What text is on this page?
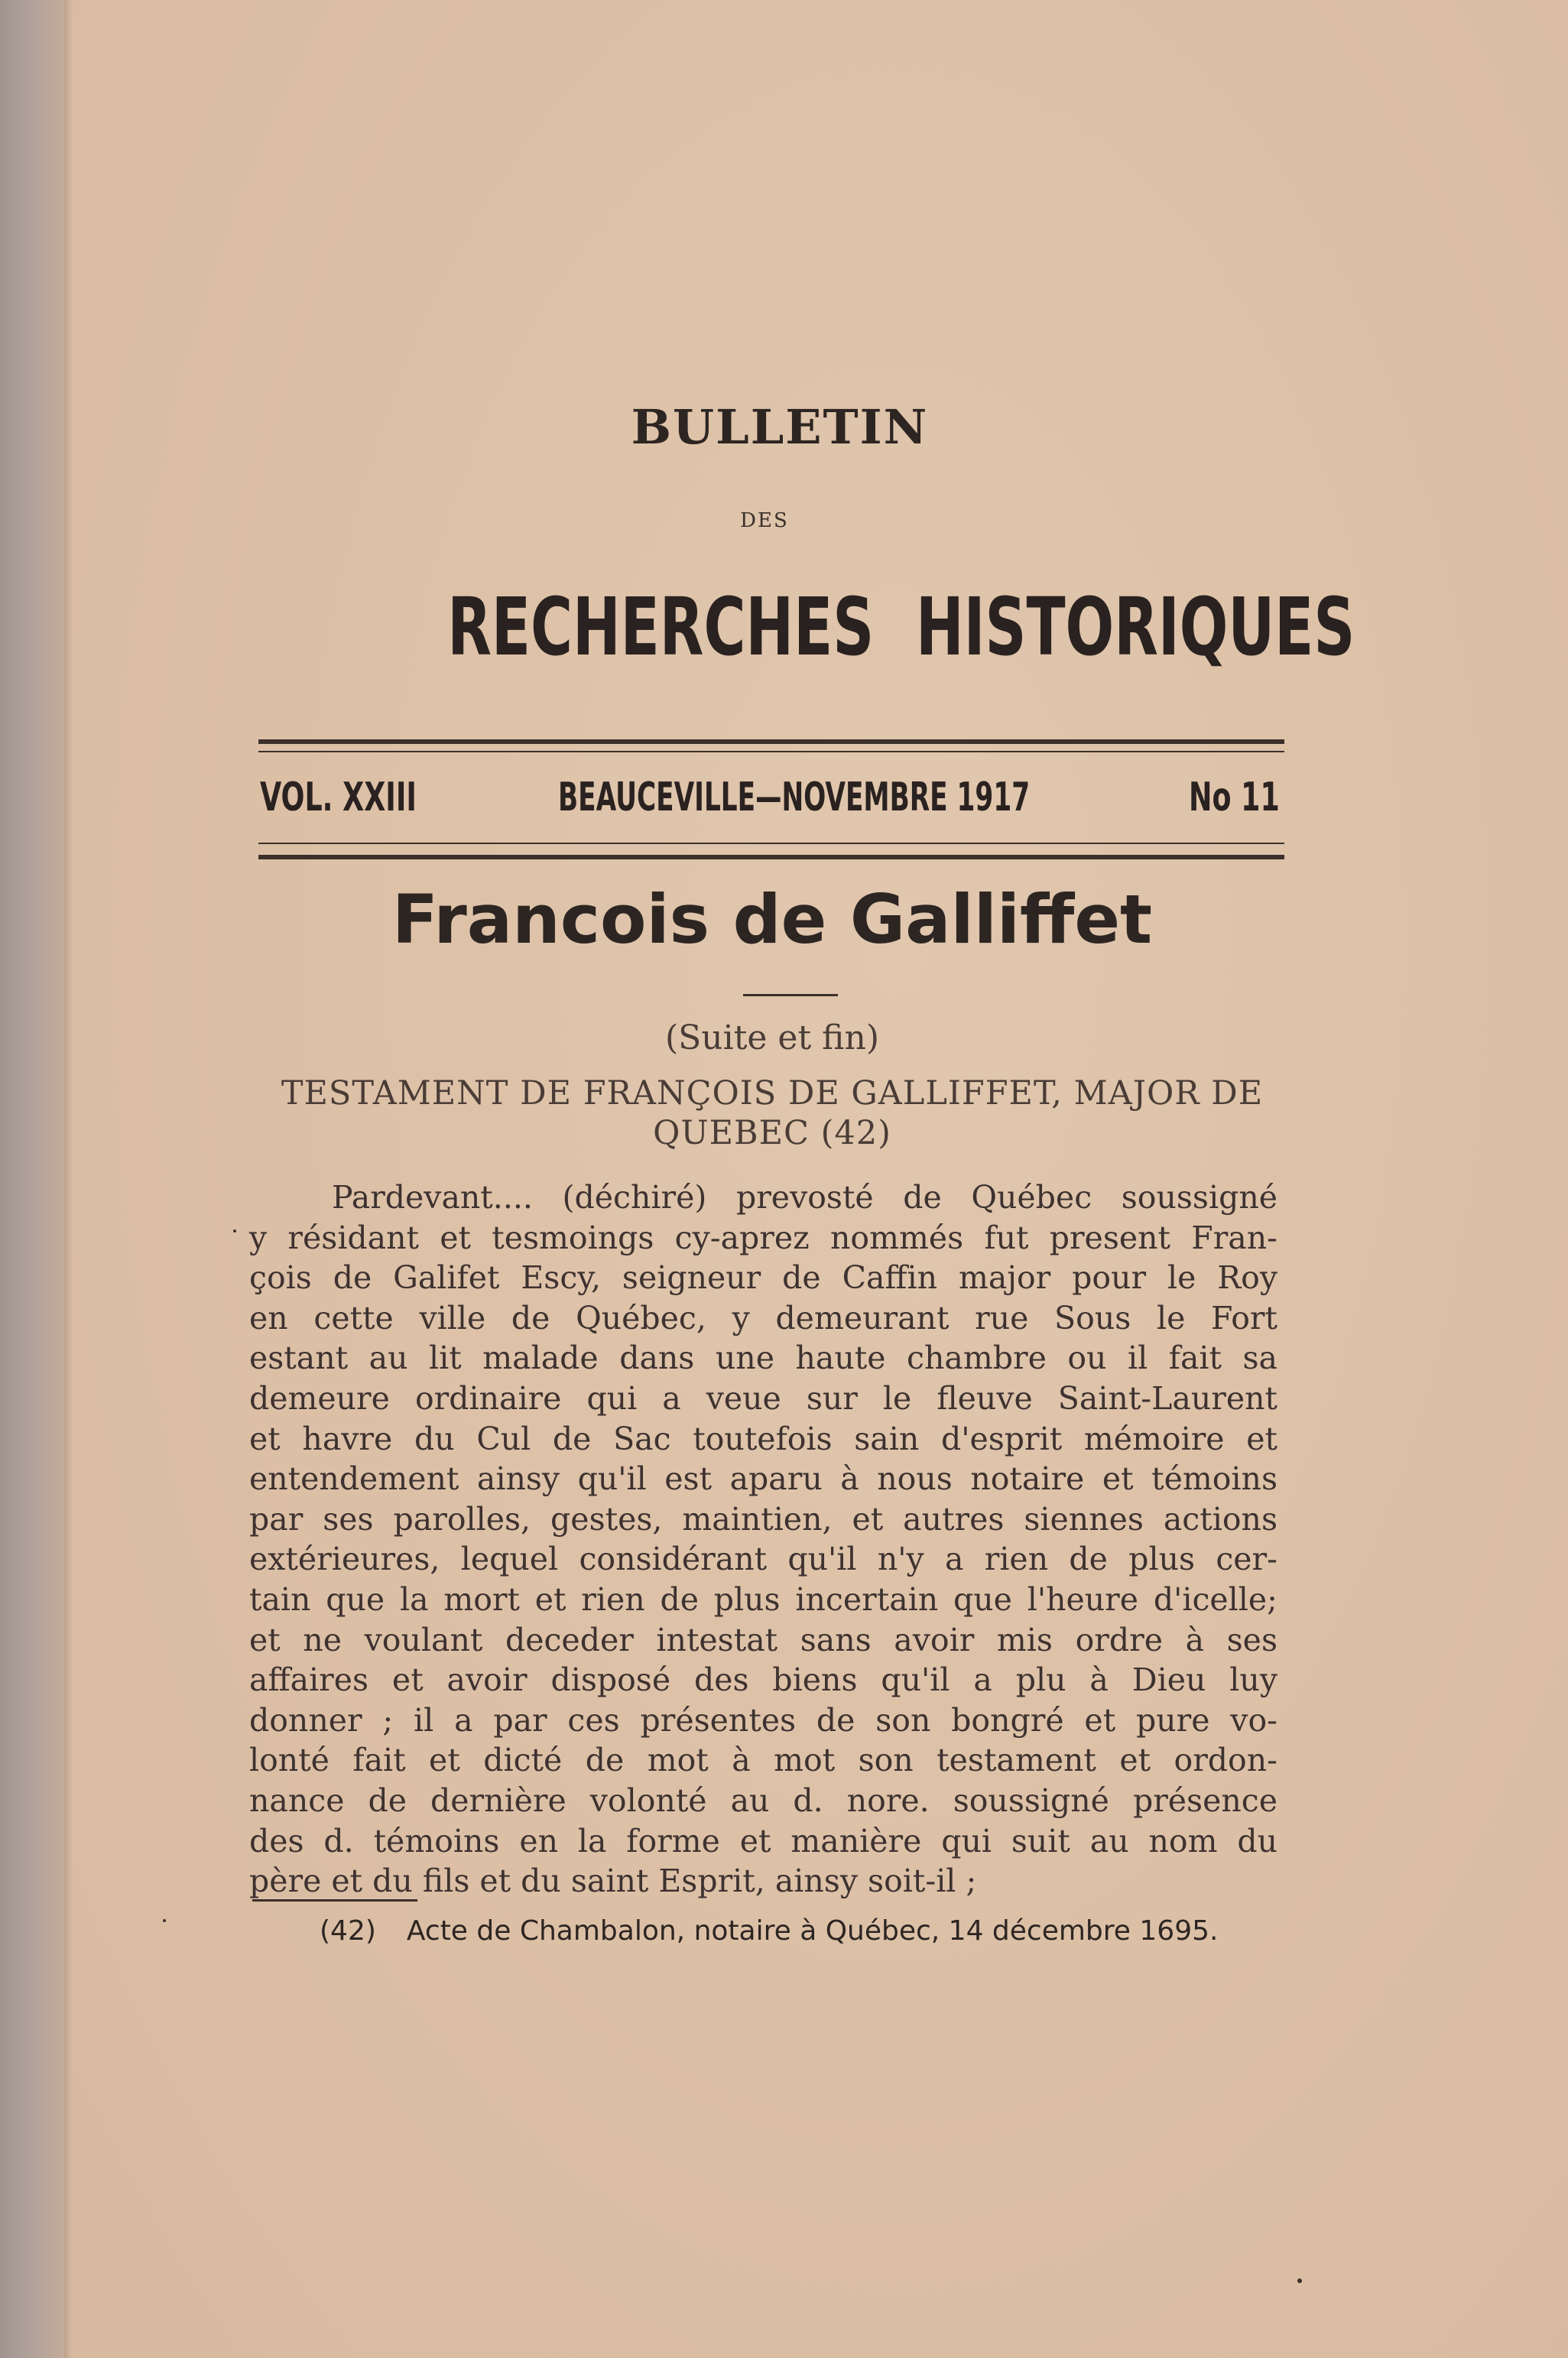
BULLETIN
DES
RECHERCHES HISTORIQUES
VOL. XXIII	BEAUCEVILLE—NOVEMBRE 1917	No 11
Francois de Galliffet
(Suite et fin)
TESTAMENT DE FRANÇOIS DE GALLIFFET, MAJOR DE QUEBEC (42)
Pardevant.... (déchiré) prevosté de Québec soussigné
y résidant et tesmoings cy-aprez nommés fut present Fran-
çois de Galifet Escy, seigneur de Caffin major pour le Roy
en cette ville de Québec, y demeurant rue Sous le Fort
estant au lit malade dans une haute chambre ou il fait sa
demeure ordinaire qui a veue sur le fleuve Saint-Laurent
et havre du Cul de Sac toutefois sain d'esprit mémoire et
entendement ainsy qu'il est aparu à nous notaire et témoins
par ses parolles, gestes, maintien, et autres siennes actions
extérieures, lequel considérant qu'il n'y a rien de plus cer-
tain que la mort et rien de plus incertain que l'heure d'icelle;
et ne voulant deceder intestat sans avoir mis ordre à ses
affaires et avoir disposé des biens qu'il a plu à Dieu luy
donner ; il a par ces présentes de son bongré et pure vo-
lonté fait et dicté de mot à mot son testament et ordon-
nance de dernière volonté au d. nore. soussigné présence
des d. témoins en la forme et manière qui suit au nom du
père et du fils et du saint Esprit, ainsy soit-il ;
(42) Acte de Chambalon, notaire à Québec, 14 décembre 1695.
